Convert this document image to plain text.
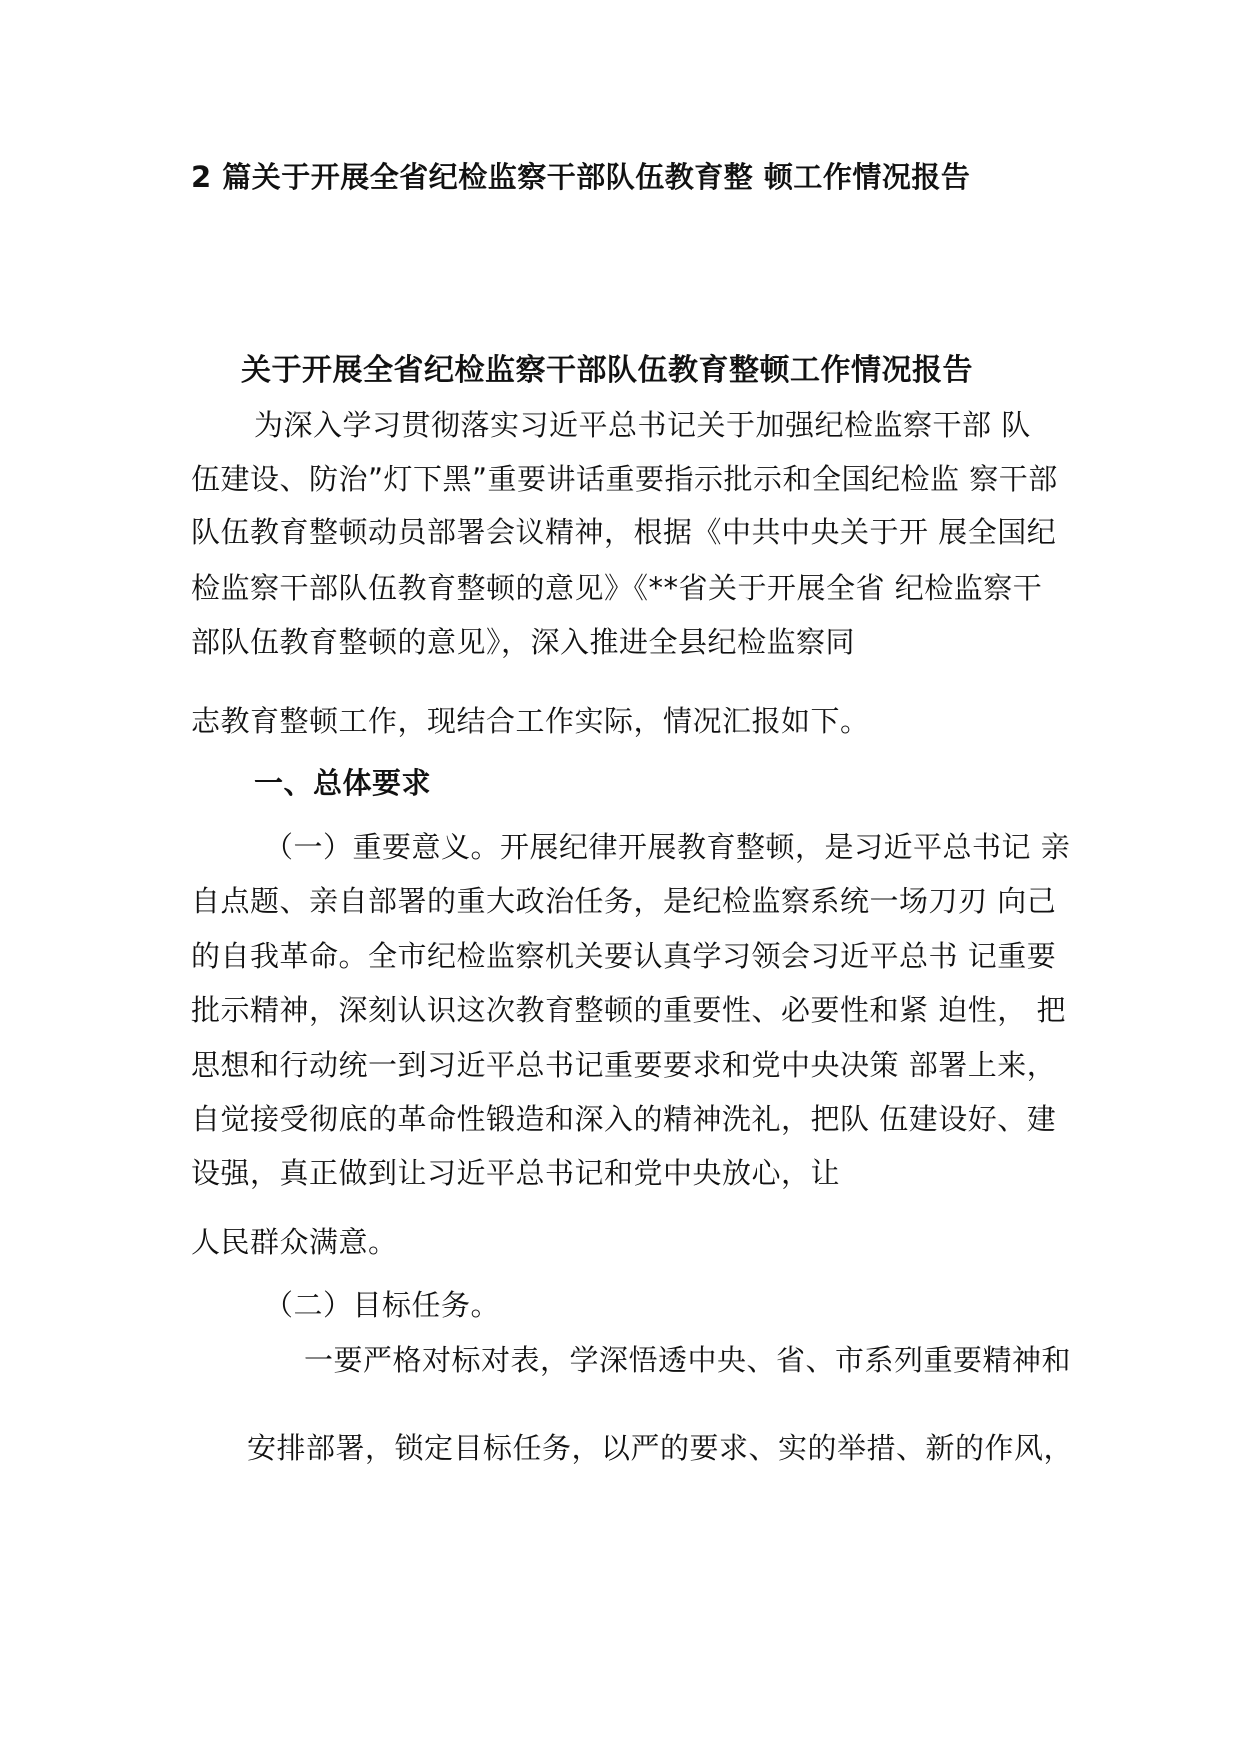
2 篇关于开展全省纪检监察干部队伍教育整 顿工作情况报告
关于开展全省纪检监察干部队伍教育整顿工作情况报告
为深入学习贯彻落实习近平总书记关于加强纪检监察干部 队
伍建设、防治”灯下黑”重要讲话重要指示批示和全国纪检监 察干部
队伍教育整顿动员部署会议精神，根据《中共中央关于开 展全国纪
检监察干部队伍教育整顿的意见》《**省关于开展全省 纪检监察干
部队伍教育整顿的意见》，深入推进全县纪检监察同
志教育整顿工作，现结合工作实际，情况汇报如下。
一、总体要求
（一）重要意义。开展纪律开展教育整顿，是习近平总书记 亲
自点题、亲自部署的重大政治任务，是纪检监察系统一场刀刃 向己
的自我革命。全市纪检监察机关要认真学习领会习近平总书 记重要
批示精神，深刻认识这次教育整顿的重要性、必要性和紧 迫性， 把
思想和行动统一到习近平总书记重要要求和党中央决策 部署上来，
自觉接受彻底的革命性锻造和深入的精神洗礼，把队 伍建设好、建
设强，真正做到让习近平总书记和党中央放心，让
人民群众满意。
（二）目标任务。
一要严格对标对表，学深悟透中央、省、市系列重要精神和
安排部署，锁定目标任务，以严的要求、实的举措、新的作风，
